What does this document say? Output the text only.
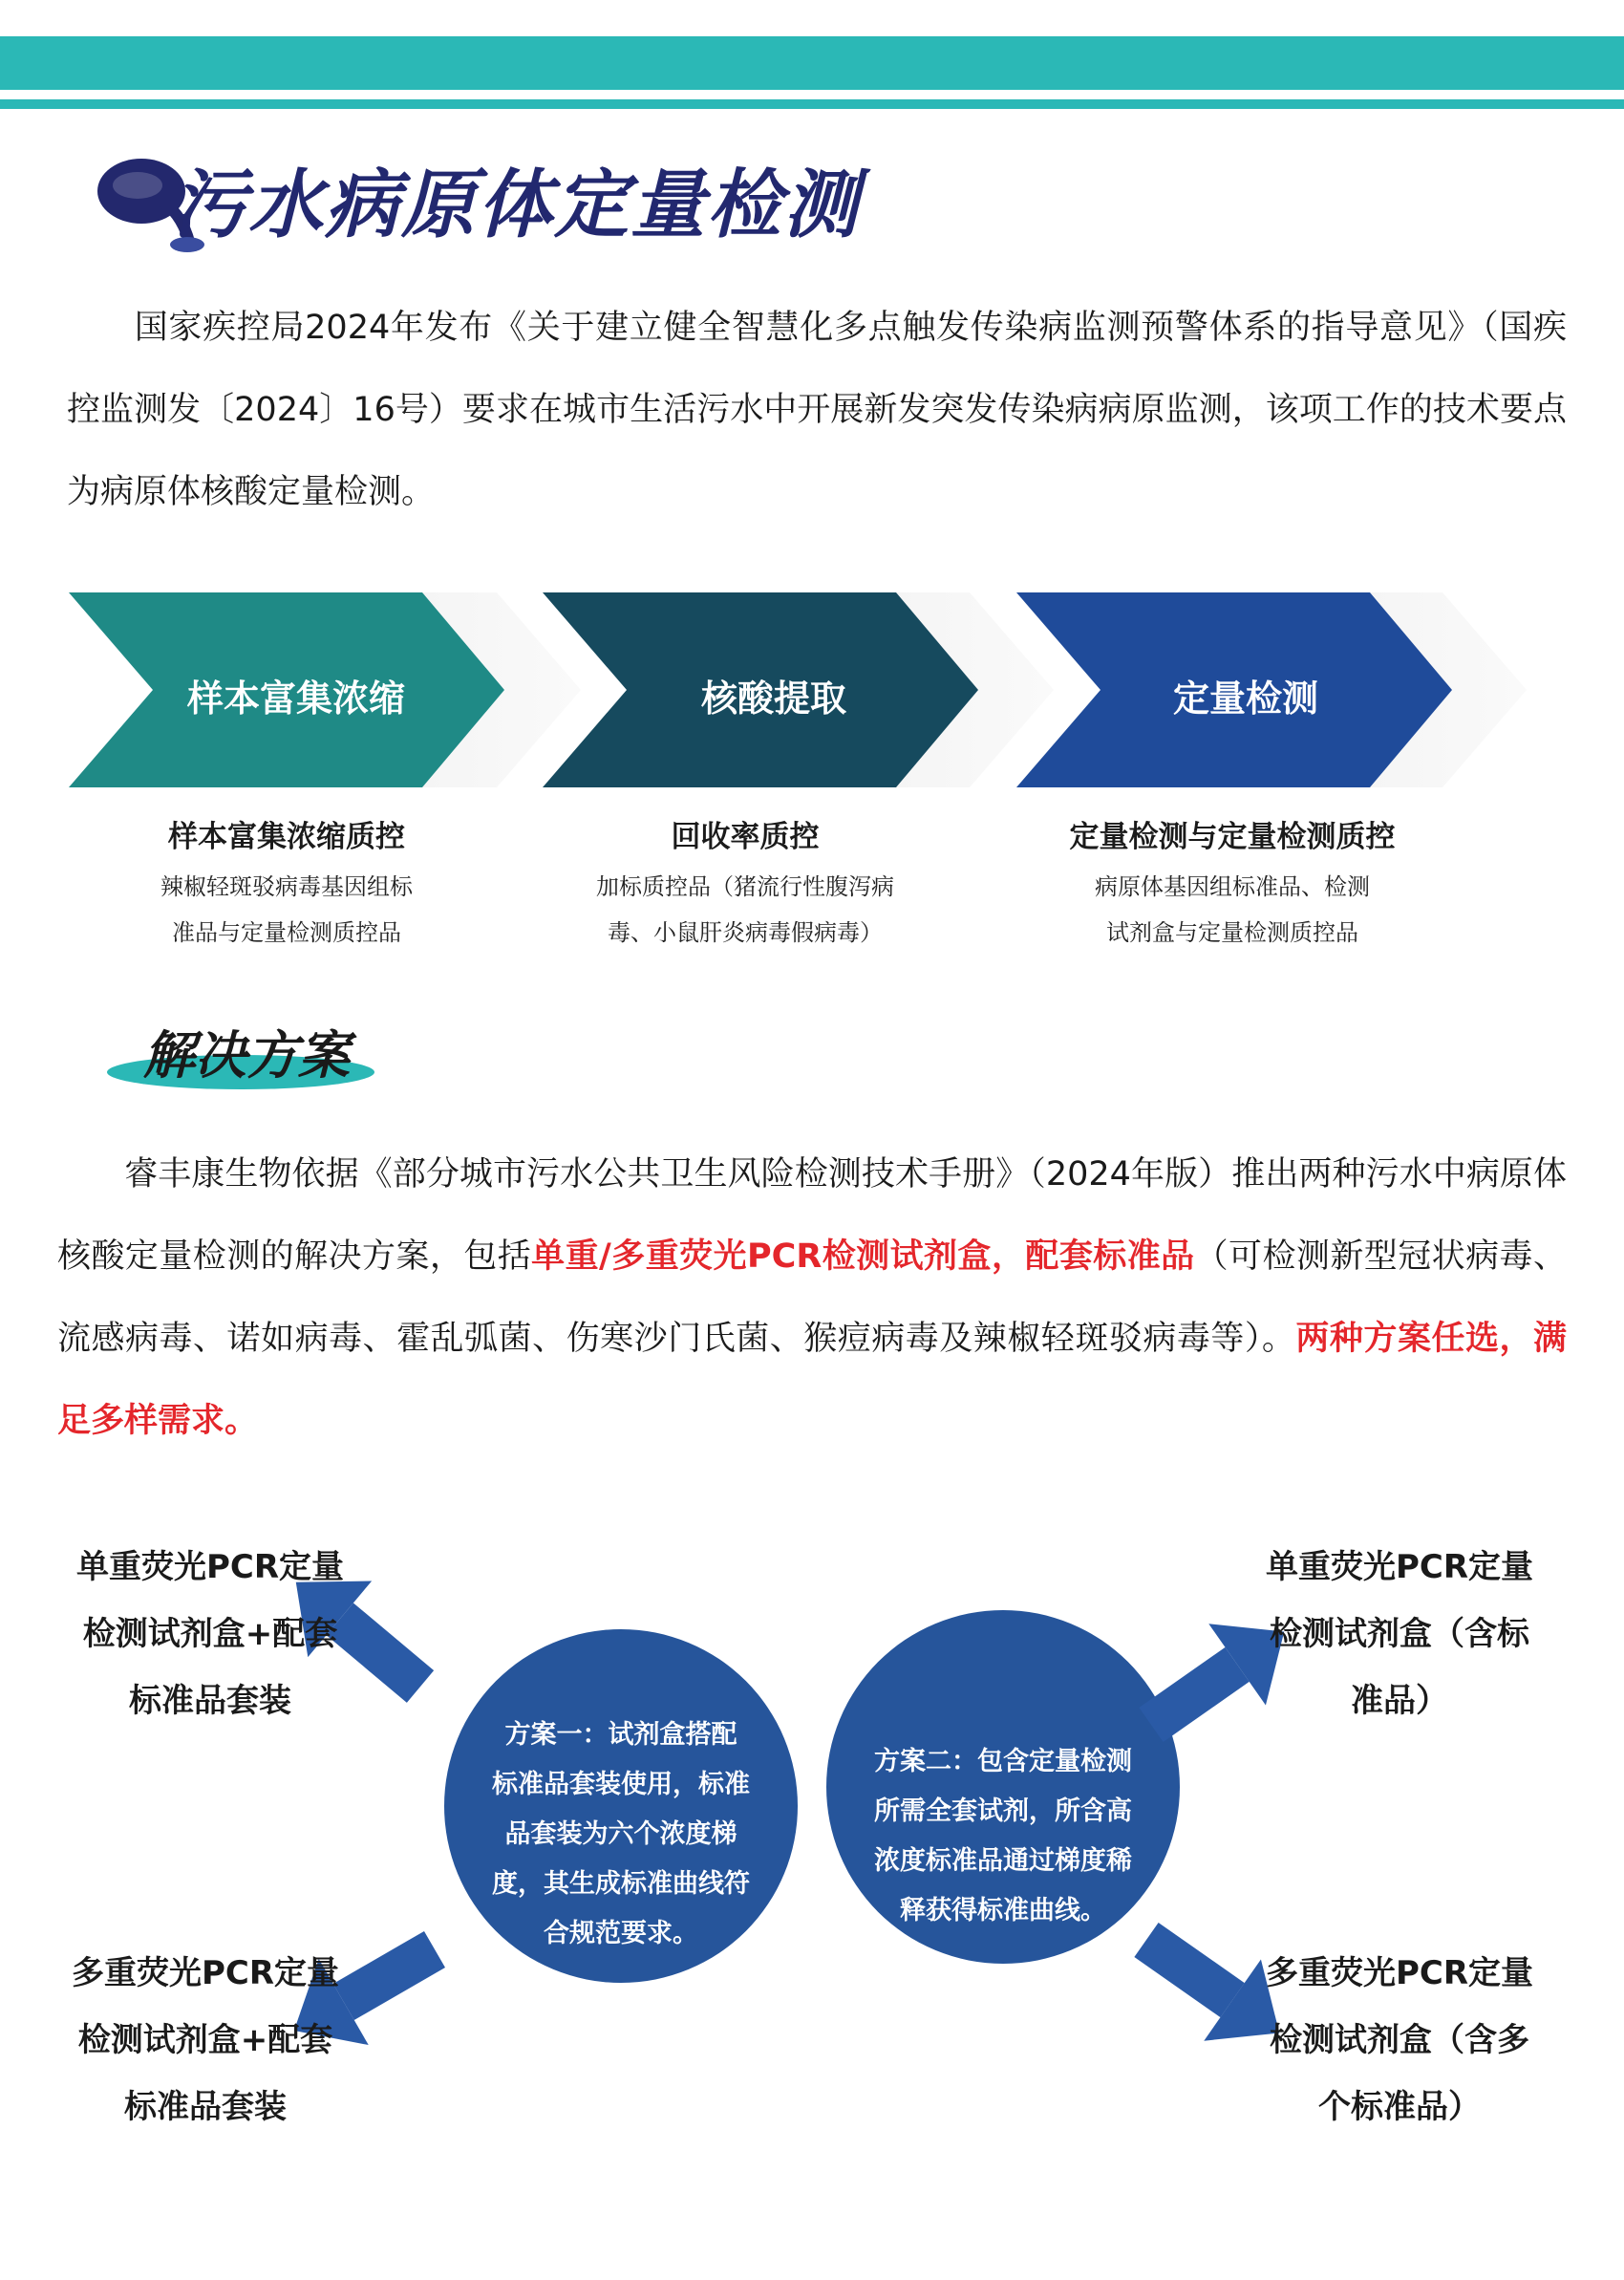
污水病原体定量检测
国家疾控局2024年发布《关于建立健全智慧化多点触发传染病监测预警体系的指导意见》（国疾控监测发〔2024〕16号）要求在城市生活污水中开展新发突发传染病病原监测，该项工作的技术要点为病原体核酸定量检测。
样本富集浓缩	核酸提取	定量检测
样本富集浓缩质控
辣椒轻斑驳病毒基因组标
准品与定量检测质控品
回收率质控
加标质控品（猪流行性腹泻病
毒、小鼠肝炎病毒假病毒）
定量检测与定量检测质控
病原体基因组标准品、检测
试剂盒与定量检测质控品
解决方案
睿丰康生物依据《部分城市污水公共卫生风险检测技术手册》（2024年版）推出两种污水中病原体核酸定量检测的解决方案，包括单重/多重荧光PCR检测试剂盒，配套标准品（可检测新型冠状病毒、流感病毒、诺如病毒、霍乱弧菌、伤寒沙门氏菌、猴痘病毒及辣椒轻斑驳病毒等）。两种方案任选，满足多样需求。
方案一：试剂盒搭配
标准品套装使用，标准
品套装为六个浓度梯
度，其生成标准曲线符
合规范要求。
方案二：包含定量检测
所需全套试剂，所含高
浓度标准品通过梯度稀
释获得标准曲线。
单重荧光PCR定量
检测试剂盒+配套
标准品套装
多重荧光PCR定量
检测试剂盒+配套
标准品套装
单重荧光PCR定量
检测试剂盒（含标
准品）
多重荧光PCR定量
检测试剂盒（含多
个标准品）
